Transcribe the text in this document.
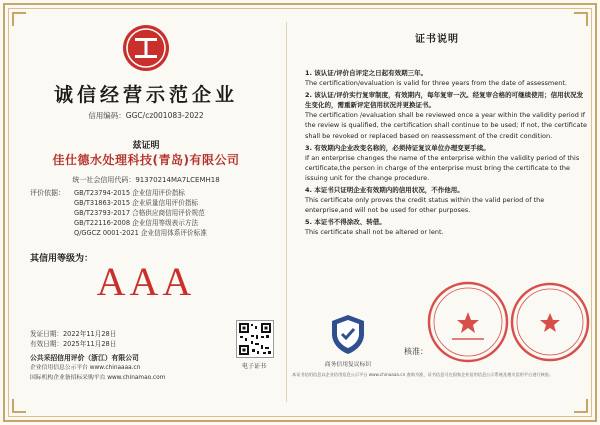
诚信经营示范企业
信用编码：GGC/cz001083-2022
兹证明
佳仕德水处理科技(青岛)有限公司
统一社会信用代码：91370214MA7LCEMH18
评价依据： GB/T23794-2015 企业信用评价指标
GB/T31863-2015 企业质量信用评价指标
GB/T23793-2017 合格供应商信用评价规范
GB/T22116-2008 企业信用等级表示方法
Q/GGCZ 0001-2021 企业信用体系评价标准
其信用等级为： AAA
发证日期：2022年11月28日
有效日期：2025年11月28日
公共采招信用评价（浙江）有限公司
企业信用信息公示平台 www.chinaaaa.cn
国际机构企业备招标采购平台 www.chinamao.com
电子证书	商务信用复议标识
证书说明
1. 该认证/评价自评定之日起有效期三年。
The certification/evaluation is valid for three years from the date of assessment.
2. 该认证/评价实行复审制度，有效期内，每年复审一次。经复审合格的可继续使用；信用状况发生变化的，需重新评定信用状况并更换证书。
The certification /evaluation shall be reviewed once a year within the validity period If the review is qualified, the certification shall continue to be used; If not, the certificate shall be revoked or replaced based on reassessment of the credit condition.
3. 有效期内企业改变名称的，必须持证复议单位办理变更手续。
If an enterprise changes the name of the enterprise within the validity period of this certificate,the person in charge of the enterprise must bring the certificate to the issuing unit for the change procedure.
4. 本证书只证明企业有效期内的信用状况，不作他用。
This certificate only proves the credit status within the valid period of the enterprise,and will not be used for other purposes.
5. 本证书不得涂改、转借。
This certificate shall not be altered or lent.
核准：
本证书信用信息以企业信用信息公示平台 www.chinaaaa.cn 查询为准，证书信息可在国家企业信用信息公示系统及相关信用平台进行核验。
